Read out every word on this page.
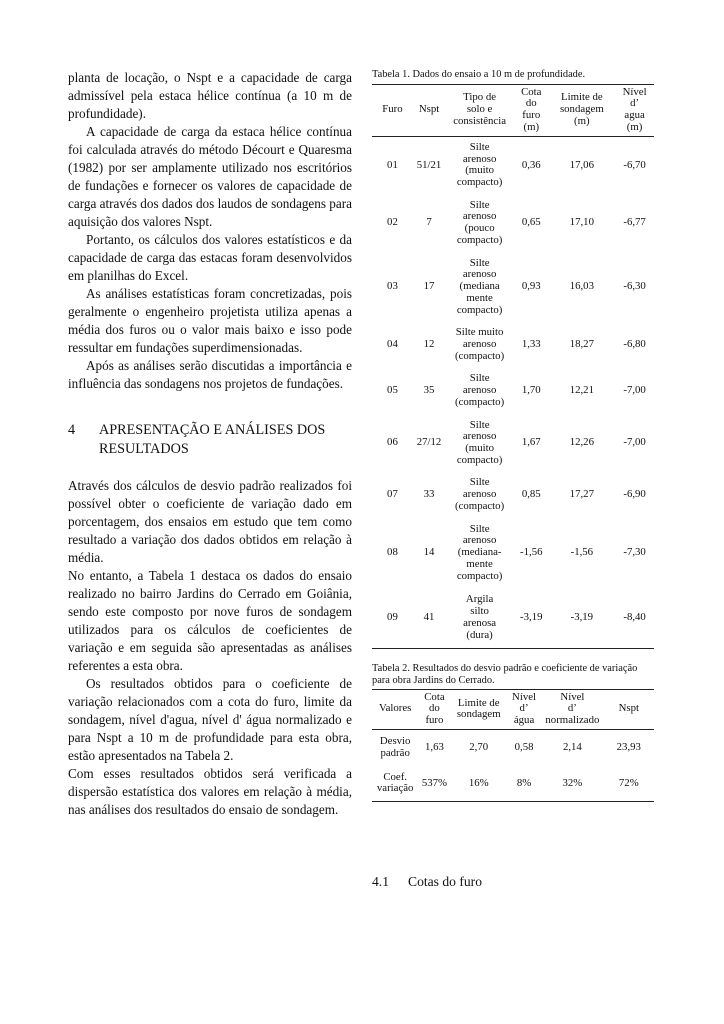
planta de locação, o Nspt e a capacidade de carga admissível pela estaca hélice contínua (a 10 m de profundidade).

A capacidade de carga da estaca hélice contínua foi calculada através do método Décourt e Quaresma (1982) por ser amplamente utilizado nos escritórios de fundações e fornecer os valores de capacidade de carga através dos dados dos laudos de sondagens para aquisição dos valores Nspt.

Portanto, os cálculos dos valores estatísticos e da capacidade de carga das estacas foram desenvolvidos em planilhas do Excel.

As análises estatísticas foram concretizadas, pois geralmente o engenheiro projetista utiliza apenas a média dos furos ou o valor mais baixo e isso pode ressultar em fundações superdimensionadas.

Após as análises serão discutidas a importância e influência das sondagens nos projetos de fundações.

4	APRESENTAÇÃO E ANÁLISES DOS RESULTADOS

Através dos cálculos de desvio padrão realizados foi possível obter o coeficiente de variação dado em porcentagem, dos ensaios em estudo que tem como resultado a variação dos dados obtidos em relação à média.

No entanto, a Tabela 1 destaca os dados do ensaio realizado no bairro Jardins do Cerrado em Goiânia, sendo este composto por nove furos de sondagem utilizados para os cálculos de coeficientes de variação e em seguida são apresentadas as análises referentes a esta obra.

Os resultados obtidos para o coeficiente de variação relacionados com a cota do furo, limite da sondagem, nível d'agua, nível d' água normalizado e para Nspt a 10 m de profundidade para esta obra, estão apresentados na Tabela 2.

Com esses resultados obtidos será verificada a dispersão estatística dos valores em relação à média, nas análises dos resultados do ensaio de sondagem.

Tabela 1. Dados do ensaio a 10 m de profundidade.

Furo	Nspt	Tipo de
solo e
consistência	Cota
do
furo
(m)	Limite de
sondagem
(m)	Nível
d’
agua
(m)
01	51/21	Silte
arenoso
(muito
compacto)	0,36	17,06	-6,70
02	7	Silte
arenoso
(pouco
compacto)	0,65	17,10	-6,77
03	17	Silte
arenoso
(mediana
mente
compacto)	0,93	16,03	-6,30
04	12	Silte muito
arenoso
(compacto)	1,33	18,27	-6,80
05	35	Silte
arenoso
(compacto)	1,70	12,21	-7,00
06	27/12	Silte
arenoso
(muito
compacto)	1,67	12,26	-7,00
07	33	Silte
arenoso
(compacto)	0,85	17,27	-6,90
08	14	Silte
arenoso
(mediana-
mente
compacto)	-1,56	-1,56	-7,30
09	41	Argila
silto
arenosa
(dura)	-3,19	-3,19	-8,40

Tabela 2. Resultados do desvio padrão e coeficiente de variação para obra Jardins do Cerrado.

Valores	Cota
do
furo	Limite de
sondagem	Nível
d’
água	Nível
d’
normalizado	Nspt
Desvio
padrão	1,63	2,70	0,58	2,14	23,93
Coef.
variação	537%	16%	8%	32%	72%
4.1	Cotas do furo
